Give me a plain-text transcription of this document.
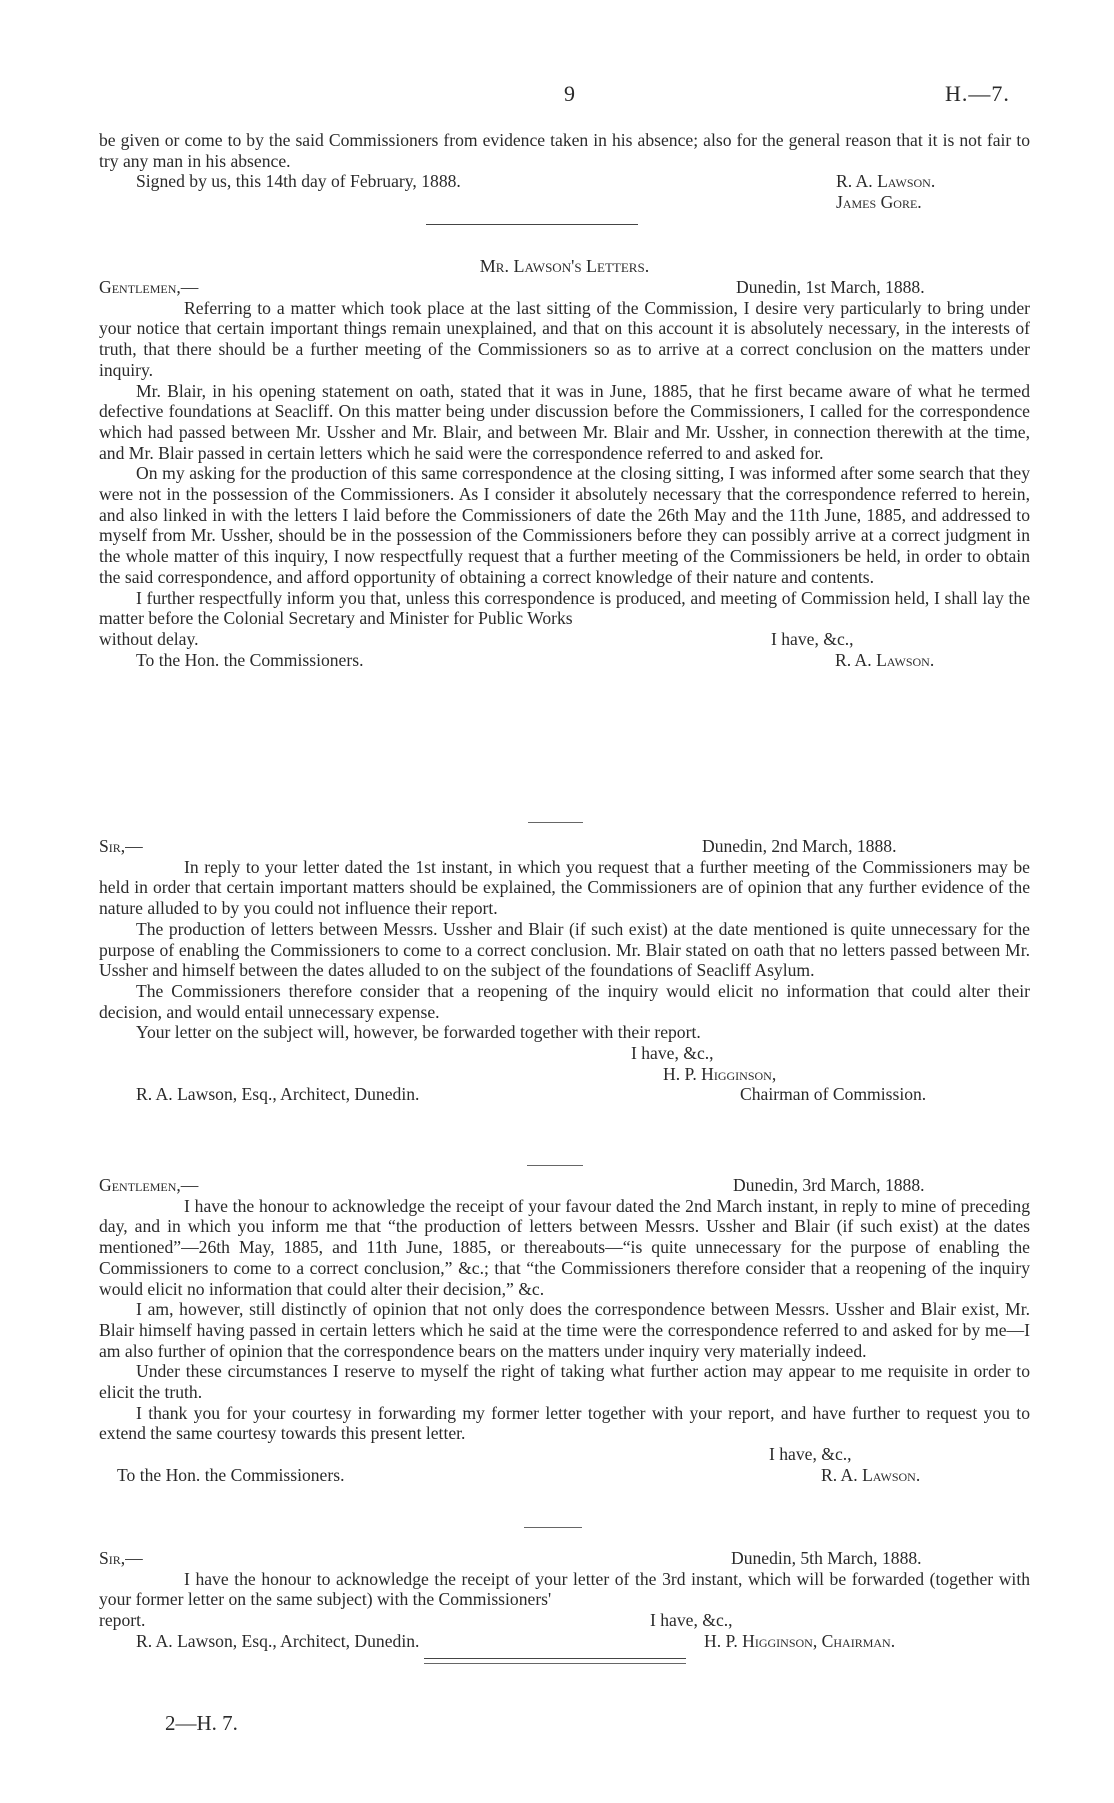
9	H.—7.

be given or come to by the said Commissioners from evidence taken in his absence; also for the general reason that it is not fair to try any man in his absence.

Signed by us, this 14th day of February, 1888.	R. A. Lawson.
James Gore.
Mr. Lawson's Letters.
Gentlemen,—	Dunedin, 1st March, 1888.

Referring to a matter which took place at the last sitting of the Commission, I desire very particularly to bring under your notice that certain important things remain unexplained, and that on this account it is absolutely necessary, in the interests of truth, that there should be a further meeting of the Commissioners so as to arrive at a correct conclusion on the matters under inquiry.

Mr. Blair, in his opening statement on oath, stated that it was in June, 1885, that he first became aware of what he termed defective foundations at Seacliff. On this matter being under discussion before the Commissioners, I called for the correspondence which had passed between Mr. Ussher and Mr. Blair, and between Mr. Blair and Mr. Ussher, in connection therewith at the time, and Mr. Blair passed in certain letters which he said were the correspondence referred to and asked for.

On my asking for the production of this same correspondence at the closing sitting, I was informed after some search that they were not in the possession of the Commissioners. As I consider it absolutely necessary that the correspondence referred to herein, and also linked in with the letters I laid before the Commissioners of date the 26th May and the 11th June, 1885, and addressed to myself from Mr. Ussher, should be in the possession of the Commissioners before they can possibly arrive at a correct judgment in the whole matter of this inquiry, I now respectfully request that a further meeting of the Commissioners be held, in order to obtain the said correspondence, and afford opportunity of obtaining a correct knowledge of their nature and contents.

I further respectfully inform you that, unless this correspondence is produced, and meeting of Commission held, I shall lay the matter before the Colonial Secretary and Minister for Public Works

without delay.	I have, &c.,
To the Hon. the Commissioners.	R. A. Lawson.
Sir,—	Dunedin, 2nd March, 1888.

In reply to your letter dated the 1st instant, in which you request that a further meeting of the Commissioners may be held in order that certain important matters should be explained, the Commissioners are of opinion that any further evidence of the nature alluded to by you could not influence their report.

The production of letters between Messrs. Ussher and Blair (if such exist) at the date mentioned is quite unnecessary for the purpose of enabling the Commissioners to come to a correct conclusion. Mr. Blair stated on oath that no letters passed between Mr. Ussher and himself between the dates alluded to on the subject of the foundations of Seacliff Asylum.

The Commissioners therefore consider that a reopening of the inquiry would elicit no information that could alter their decision, and would entail unnecessary expense.

Your letter on the subject will, however, be forwarded together with their report.

I have, &c.,
H. P. Higginson,
R. A. Lawson, Esq., Architect, Dunedin.	Chairman of Commission.
Gentlemen,—	Dunedin, 3rd March, 1888.

I have the honour to acknowledge the receipt of your favour dated the 2nd March instant, in reply to mine of preceding day, and in which you inform me that “the production of letters between Messrs. Ussher and Blair (if such exist) at the dates mentioned”—26th May, 1885, and 11th June, 1885, or thereabouts—“is quite unnecessary for the purpose of enabling the Commissioners to come to a correct conclusion,” &c.; that “the Commissioners therefore consider that a reopening of the inquiry would elicit no information that could alter their decision,” &c.

I am, however, still distinctly of opinion that not only does the correspondence between Messrs. Ussher and Blair exist, Mr. Blair himself having passed in certain letters which he said at the time were the correspondence referred to and asked for by me—I am also further of opinion that the correspondence bears on the matters under inquiry very materially indeed.

Under these circumstances I reserve to myself the right of taking what further action may appear to me requisite in order to elicit the truth.

I thank you for your courtesy in forwarding my former letter together with your report, and have further to request you to extend the same courtesy towards this present letter.

I have, &c.,
To the Hon. the Commissioners.	R. A. Lawson.
Sir,—	Dunedin, 5th March, 1888.

I have the honour to acknowledge the receipt of your letter of the 3rd instant, which will be forwarded (together with your former letter on the same subject) with the Commissioners'

report.	I have, &c.,
R. A. Lawson, Esq., Architect, Dunedin.	H. P. Higginson, Chairman.
2—H. 7.
